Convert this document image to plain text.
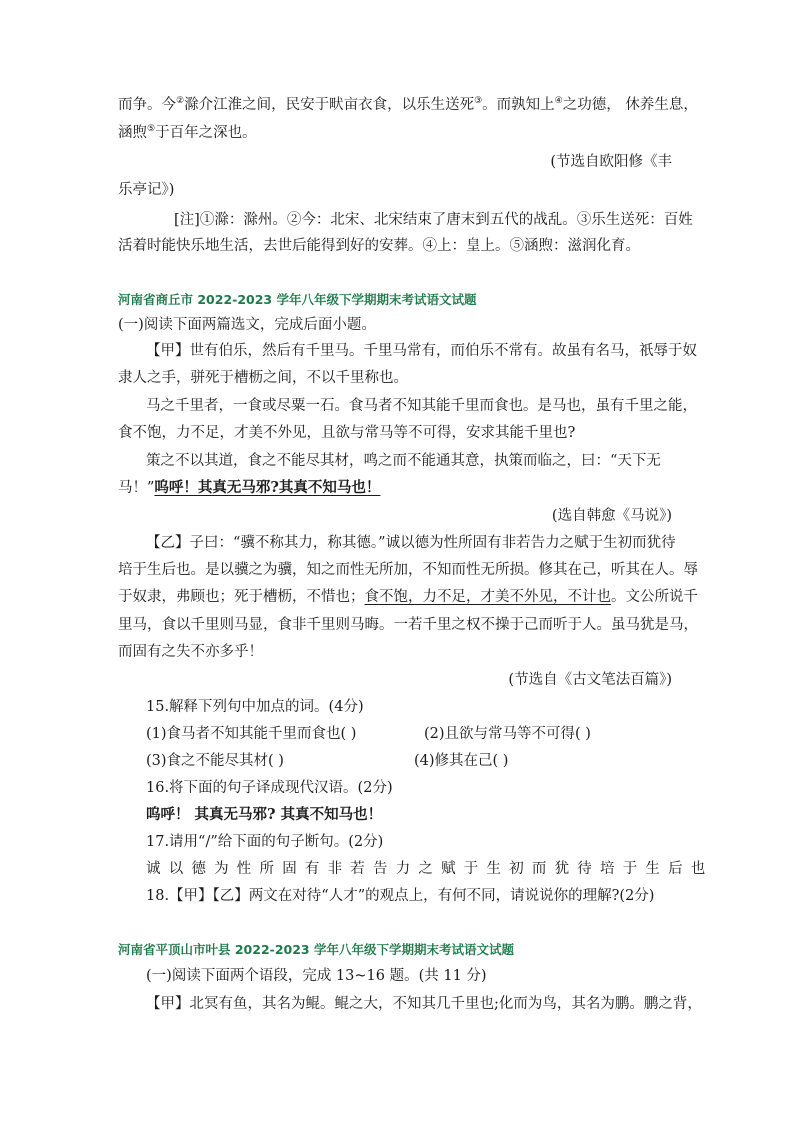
而争。今②滁介江淮之间，民安于畎亩衣食，以乐生送死③。而孰知上④之功德， 休养生息，
涵煦⑤于百年之深也。
(节选自欧阳修《丰
乐亭记》)
[注]①滁：滁州。②今：北宋、北宋结束了唐末到五代的战乱。③乐生送死：百姓
活着时能快乐地生活，去世后能得到好的安葬。④上：皇上。⑤涵煦：滋润化育。
河南省商丘市 2022-2023 学年八年级下学期期末考试语文试题
(一)阅读下面两篇选文，完成后面小题。
【甲】世有伯乐，然后有千里马。千里马常有，而伯乐不常有。故虽有名马，祇辱于奴
隶人之手，骈死于槽枥之间，不以千里称也。
马之千里者，一食或尽粟一石。食马者不知其能千里而食也。是马也，虽有千里之能，
食不饱，力不足，才美不外见，且欲与常马等不可得，安求其能千里也?
策之不以其道，食之不能尽其材，鸣之而不能通其意，执策而临之，曰：“天下无
马！”呜呼！其真无马邪?其真不知马也！
(选自韩愈《马说》)
【乙】子曰：“骥不称其力，称其德。”诚以德为性所固有非若告力之赋于生初而犹待
培于生后也。是以骥之为骥，知之而性无所加，不知而性无所损。修其在己，听其在人。辱
于奴隶，弗顾也；死于槽枥，不惜也；食不饱，力不足，才美不外见，不计也。文公所说千
里马，食以千里则马显，食非千里则马晦。一若千里之权不操于己而听于人。虽马犹是马，
而固有之失不亦多乎！
(节选自《古文笔法百篇》)
15.解释下列句中加点的词。(4分)
(1)食马者不知其能千里而食也( )	(2)且欲与常马等不可得( )
(3)食之不能尽其材( )	(4)修其在己( )
16.将下面的句子译成现代汉语。(2分)
呜呼！ 其真无马邪? 其真不知马也！
17.请用“/”给下面的句子断句。(2分)
诚以德为性所固有非若告力之赋于生初而犹待培于生后也
18.【甲】【乙】两文在对待“人才”的观点上，有何不同，请说说你的理解?(2分)
河南省平顶山市叶县 2022-2023 学年八年级下学期期末考试语文试题
(一)阅读下面两个语段，完成 13~16 题。(共 11 分)
【甲】北冥有鱼，其名为鲲。鲲之大，不知其几千里也;化而为鸟，其名为鹏。鹏之背，
